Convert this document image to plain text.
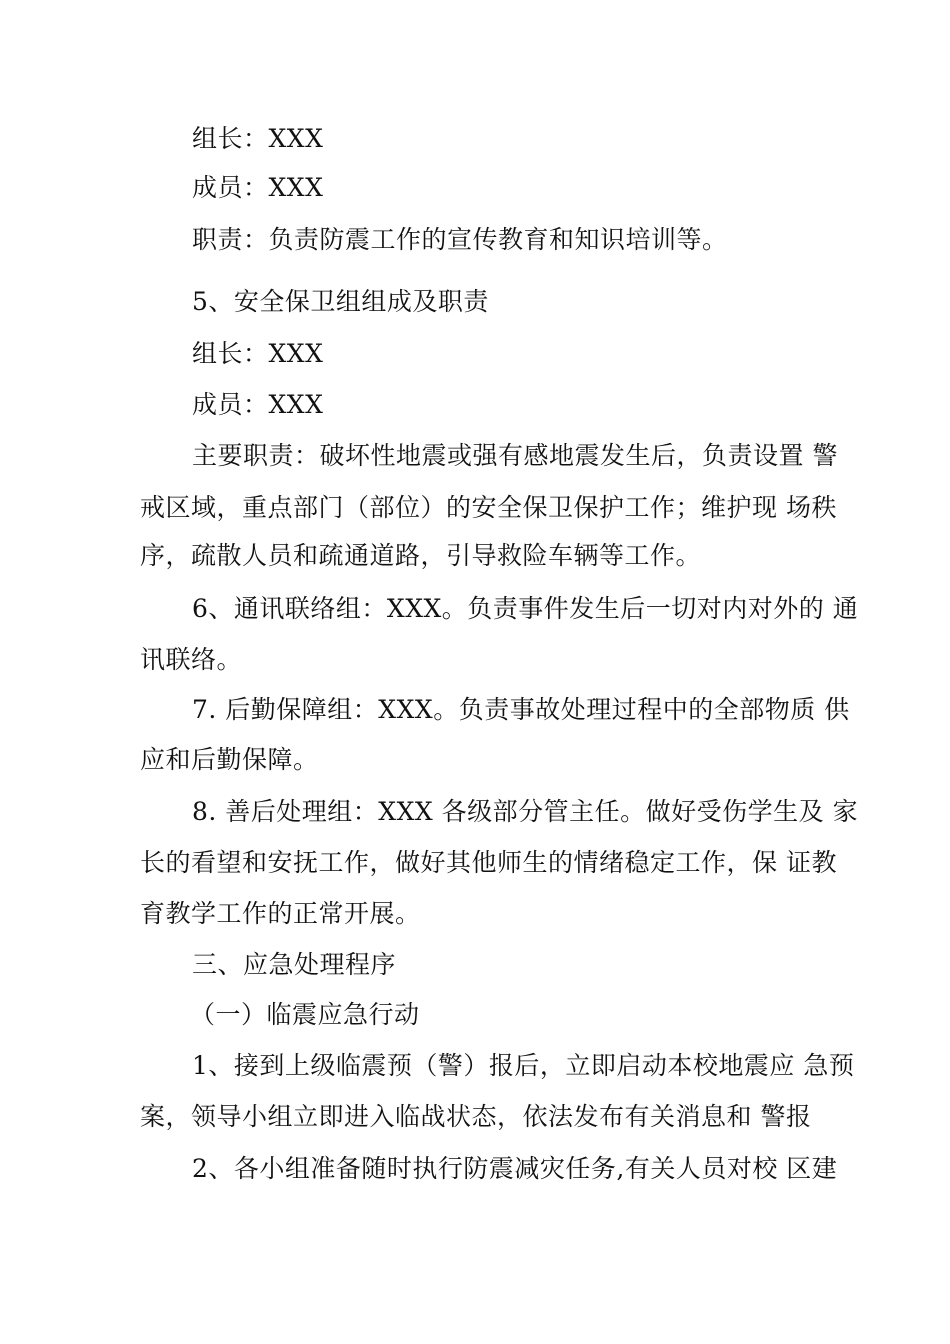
组长：XXX
成员：XXX
职责：负责防震工作的宣传教育和知识培训等。
5、安全保卫组组成及职责
组长：XXX
成员：XXX
主要职责：破坏性地震或强有感地震发生后，负责设置 警
戒区域，重点部门（部位）的安全保卫保护工作；维护现 场秩
序，疏散人员和疏通道路，引导救险车辆等工作。
6、通讯联络组：XXX。负责事件发生后一切对内对外的 通
讯联络。
7. 后勤保障组：XXX。负责事故处理过程中的全部物质 供
应和后勤保障。
8. 善后处理组：XXX 各级部分管主任。做好受伤学生及 家
长的看望和安抚工作，做好其他师生的情绪稳定工作，保 证教
育教学工作的正常开展。
三、应急处理程序
（一）临震应急行动
1、接到上级临震预（警）报后，立即启动本校地震应 急预
案，领导小组立即进入临战状态，依法发布有关消息和 警报
2、各小组准备随时执行防震减灾任务,有关人员对校 区建
